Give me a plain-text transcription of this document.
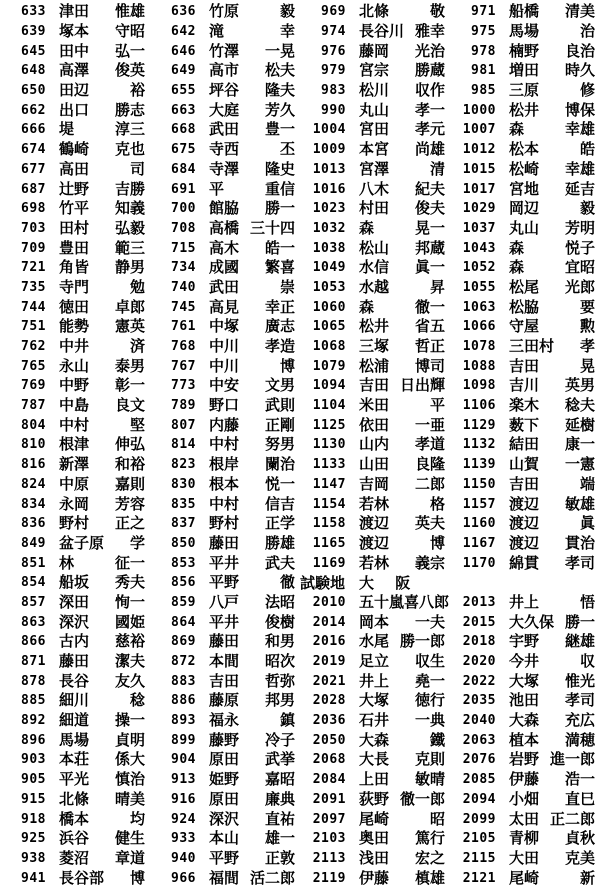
633 津田 惟雄	636 竹原	毅	969 北條	敬	971 船橋 清美
639 塚本 守昭	642 滝	幸	974 長谷川 雅幸	975 馬場	治
645 田中 弘一	646 竹澤 一晃	976 藤岡 光治	978 楠野 良治
648 高澤 俊英	649 高市 松夫	979 宮宗 勝蔵	981 増田 時久
650 田辺	裕	655 坪谷 隆夫	983 松川 収作	985 三原	修
662 出口 勝志	663 大庭 芳久	990 丸山 孝一	1000 松井 博保
666 堤	淳三	668 武田 豊一	1004 宮田 孝元	1007 森	幸雄
674 鶴崎 克也	675 寺西	丕	1009 本宮 尚雄	1012 松本	皓
677 高田	司	684 寺澤 隆史	1013 宮澤	清	1015 松崎 幸雄
687 辻野 吉勝	691 平	重信	1016 八木 紀夫	1017 宮地 延吉
698 竹平 知義	700 館脇 勝一	1023 村田 俊夫	1029 岡辺	毅
703 田村 弘毅	708 高橋 三十四	1032 森	晃一	1037 丸山 芳明
709 豊田 範三	715 高木 皓一	1038 松山 邦蔵	1043 森	悦子
721 角皆 静男	734 成國 繁喜	1049 水信 眞一	1052 森	宜昭
735 寺門	勉	740 武田	崇	1053 水越	昇	1055 松尾 光郎
744 徳田 卓郎	745 高見 幸正	1060 森	徹一	1063 松脇	要
751 能勢 憲英	761 中塚 廣志	1065 松井 省五	1066 守屋	勲
762 中井	済	768 中川 孝造	1068 三塚 哲正	1078 三田村 孝
765 永山 泰男	767 中川	博	1079 松浦 博司	1088 吉田	晃
769 中野 彰一	773 中安 文男	1094 吉田 日出輝	1098 吉川 英男
787 中島 良文	789 野口 武則	1104 米田	平	1106 楽木 稔夫
804 中村	堅	807 内藤 正剛	1125 依田 一亜	1129 薮下 延樹
810 根津 伸弘	814 中村 努男	1130 山内 孝道	1132 結田 康一
816 新澤 和裕	823 根岸 闌治	1133 山田 良隆	1139 山賀 一憲
824 中原 嘉則	830 根本 悦一	1147 吉岡 二郎	1150 吉田	端
834 永岡 芳容	835 中村 信吉	1154 若林	格	1157 渡辺 敏雄
836 野村 正之	837 野村 正学	1158 渡辺 英夫	1160 渡辺	眞
849 盆子原 学	850 藤田 勝雄	1165 渡辺	博	1167 渡辺 貫治
851 林	征一	853 平井 武夫	1169 若林 義宗	1170 綿貫 孝司
854 船坂 秀夫	856 平野	徹 試験地 大 阪
857 深田 恂一	859 八戸 法昭	2010 五十嵐 喜八郎	2013 井上	悟
863 深沢 國姫	864 平井 俊樹	2014 岡本 一夫	2015 大久保 勝一
866 古内 慈裕	869 藤田 和男	2016 水尾 勝一郎	2018 宇野 継雄
871 藤田 潔夫	872 本間 昭次	2019 足立 収生	2020 今井	収
878 長谷 友久	883 吉田 哲弥	2021 井上 堯一	2022 大塚 惟光
885 細川	稔	886 藤原 邦男	2028 大塚 徳行	2035 池田 孝司
892 細道 操一	893 福永	鎮	2036 石井 一典	2040 大森 充広
896 馬場 貞明	899 藤野 冷子	2050 大森	鐵	2063 植本 満穂
903 本荘 係大	904 原田 武挙	2068 大長 克則	2076 岩野 進一郎
905 平光 慎治	913 姫野 嘉昭	2084 上田 敏晴	2085 伊藤 浩一
915 北條 晴美	916 原田 廉典	2091 荻野 徹一郎	2094 小畑 直巳
918 橋本	均	924 深沢 直祐	2097 尾崎	昭	2099 太田 正二郎
925 浜谷 健生	933 本山 雄一	2103 奥田 篤行	2105 青柳 貞秋
938 菱沼 章道	940 平野 正敦	2113 浅田 宏之	2115 大田 克美
941 長谷部 博	966 福間 活二郎	2119 伊藤 槙雄	2121 尾崎	新
